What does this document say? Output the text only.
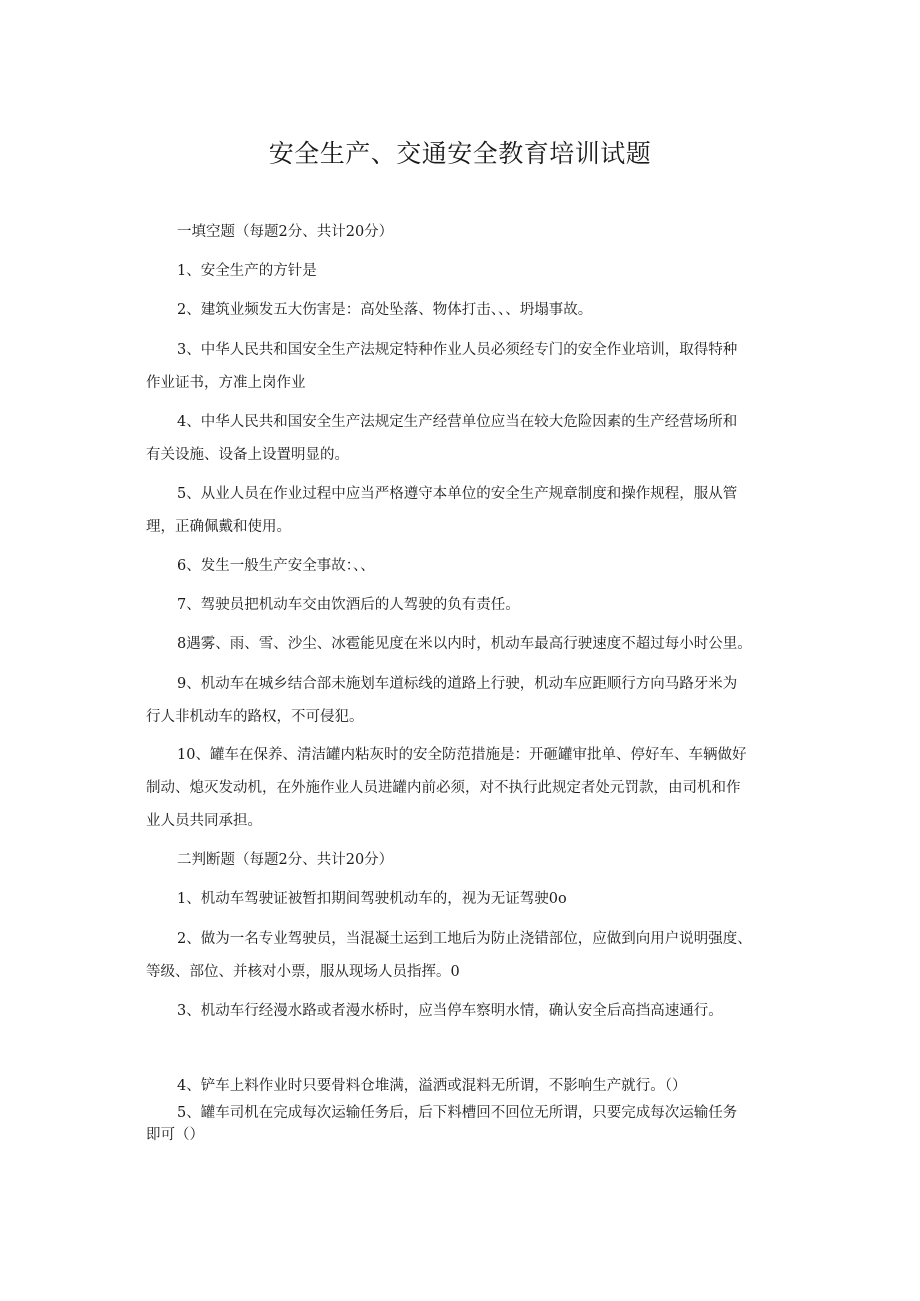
安全生产、交通安全教育培训试题
一填空题（每题2分、共计20分）
1、安全生产的方针是
2、建筑业频发五大伤害是：高处坠落、物体打击、、、坍塌事故。
3、中华人民共和国安全生产法规定特种作业人员必须经专门的安全作业培训，取得特种
作业证书，方准上岗作业
4、中华人民共和国安全生产法规定生产经营单位应当在较大危险因素的生产经营场所和
有关设施、设备上设置明显的。
5、从业人员在作业过程中应当严格遵守本单位的安全生产规章制度和操作规程，服从管
理，正确佩戴和使用。
6、发生一般生产安全事故：、、
7、驾驶员把机动车交由饮酒后的人驾驶的负有责任。
8遇雾、雨、雪、沙尘、冰雹能见度在米以内时，机动车最高行驶速度不超过每小时公里。
9、机动车在城乡结合部未施划车道标线的道路上行驶，机动车应距顺行方向马路牙米为
行人非机动车的路权，不可侵犯。
10、罐车在保养、清洁罐内粘灰时的安全防范措施是：开砸罐审批单、停好车、车辆做好
制动、熄灭发动机，在外施作业人员进罐内前必须，对不执行此规定者处元罚款，由司机和作
业人员共同承担。
二判断题（每题2分、共计20分）
1、机动车驾驶证被暂扣期间驾驶机动车的，视为无证驾驶0o
2、做为一名专业驾驶员，当混凝土运到工地后为防止浇错部位，应做到向用户说明强度、
等级、部位、并核对小票，服从现场人员指挥。0
3、机动车行经漫水路或者漫水桥时，应当停车察明水情，确认安全后高挡高速通行。
4、铲车上料作业时只要骨料仓堆满，溢洒或混料无所谓，不影响生产就行。（）
5、罐车司机在完成每次运输任务后，后下料槽回不回位无所谓，只要完成每次运输任务
即可（）
